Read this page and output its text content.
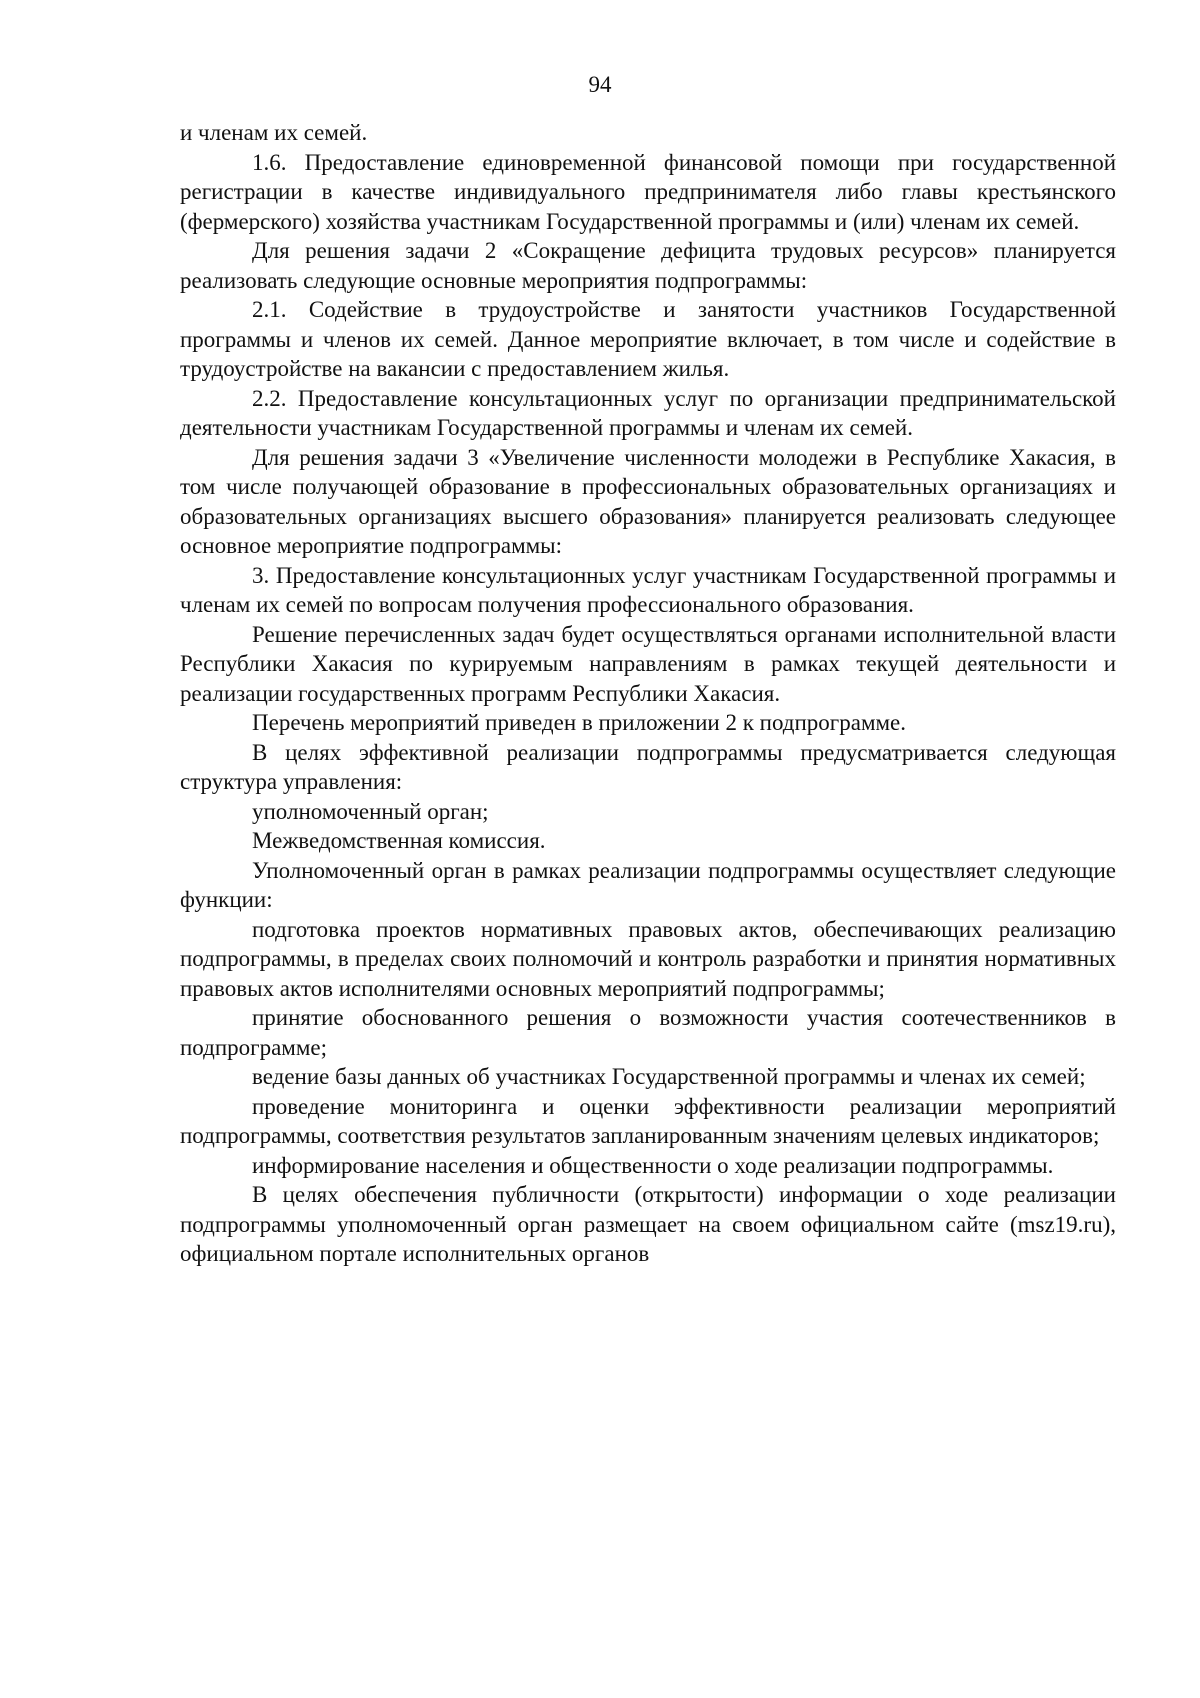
94

и членам их семей.

1.6. Предоставление единовременной финансовой помощи при государственной регистрации в качестве индивидуального предпринимателя либо главы крестьянского (фермерского) хозяйства участникам Государственной программы и (или) членам их семей.

Для решения задачи 2 «Сокращение дефицита трудовых ресурсов» планируется реализовать следующие основные мероприятия подпрограммы:

2.1. Содействие в трудоустройстве и занятости участников Государственной программы и членов их семей. Данное мероприятие включает, в том числе и содействие в трудоустройстве на вакансии с предоставлением жилья.

2.2. Предоставление консультационных услуг по организации предпринимательской деятельности участникам Государственной программы и членам их семей.

Для решения задачи 3 «Увеличение численности молодежи в Республике Хакасия, в том числе получающей образование в профессиональных образовательных организациях и образовательных организациях высшего образования» планируется реализовать следующее основное мероприятие подпрограммы:

3. Предоставление консультационных услуг участникам Государственной программы и членам их семей по вопросам получения профессионального образования.

Решение перечисленных задач будет осуществляться органами исполнительной власти Республики Хакасия по курируемым направлениям в рамках текущей деятельности и реализации государственных программ Республики Хакасия.

Перечень мероприятий приведен в приложении 2 к подпрограмме.

В целях эффективной реализации подпрограммы предусматривается следующая структура управления:

уполномоченный орган;

Межведомственная комиссия.

Уполномоченный орган в рамках реализации подпрограммы осуществляет следующие функции:

подготовка проектов нормативных правовых актов, обеспечивающих реализацию подпрограммы, в пределах своих полномочий и контроль разработки и принятия нормативных правовых актов исполнителями основных мероприятий подпрограммы;

принятие обоснованного решения о возможности участия соотечественников в подпрограмме;

ведение базы данных об участниках Государственной программы и членах их семей;

проведение мониторинга и оценки эффективности реализации мероприятий подпрограммы, соответствия результатов запланированным значениям целевых индикаторов;

информирование населения и общественности о ходе реализации подпрограммы.

В целях обеспечения публичности (открытости) информации о ходе реализации подпрограммы уполномоченный орган размещает на своем официальном сайте (msz19.ru), официальном портале исполнительных органов
